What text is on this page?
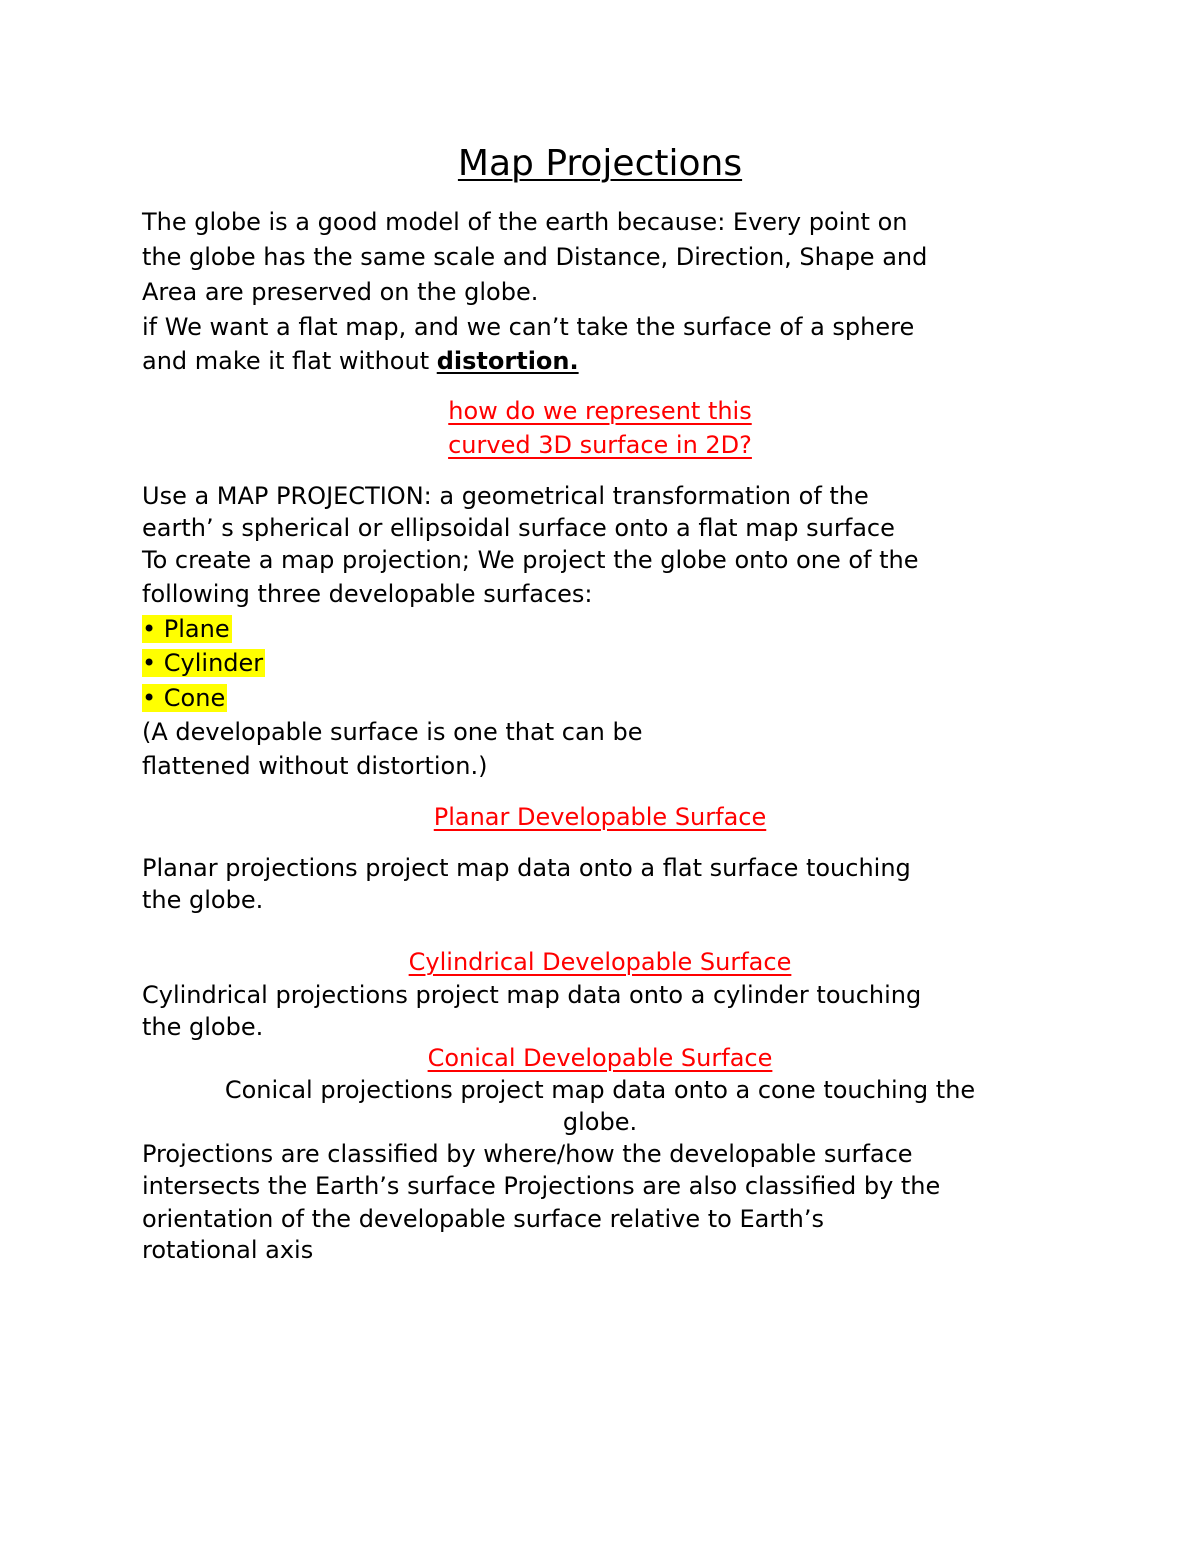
Map Projections
The globe is a good model of the earth because: Every point on
the globe has the same scale and Distance, Direction, Shape and
Area are preserved on the globe.
if We want a flat map, and we can’t take the surface of a sphere
and make it flat without distortion.
how do we represent this
curved 3D surface in 2D?
Use a MAP PROJECTION: a geometrical transformation of the
earth’ s spherical or ellipsoidal surface onto a flat map surface
To create a map projection; We project the globe onto one of the
following three developable surfaces:
• Plane
• Cylinder
• Cone
(A developable surface is one that can be
flattened without distortion.)
Planar Developable Surface
Planar projections project map data onto a flat surface touching
the globe.
Cylindrical Developable Surface
Cylindrical projections project map data onto a cylinder touching
the globe.
Conical Developable Surface
Conical projections project map data onto a cone touching the
globe.
Projections are classified by where/how the developable surface
intersects the Earth’s surface Projections are also classified by the
orientation of the developable surface relative to Earth’s
rotational axis
